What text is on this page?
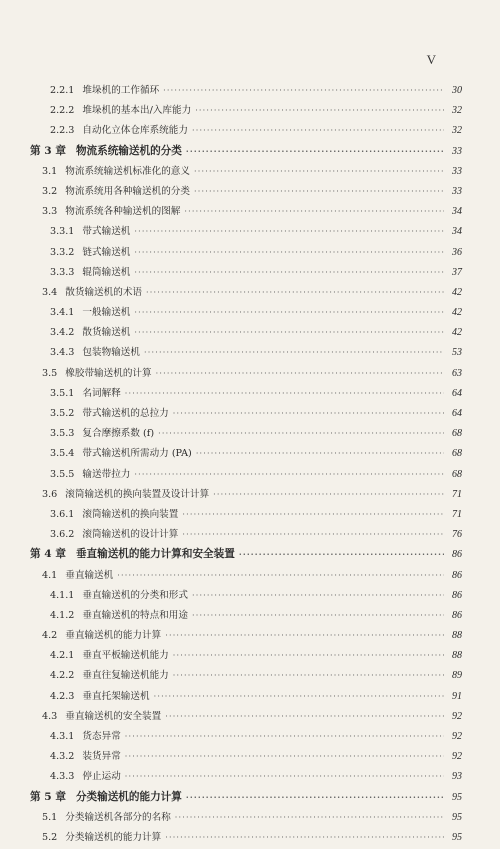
V
2.2.1 堆垛机的工作循环 ·····	30
2.2.2 堆垛机的基本出/入库能力 ·····	32
2.2.3 自动化立体仓库系统能力 ·····	32
第 3 章 物流系统输送机的分类 ·····	33
3.1 物流系统输送机标准化的意义 ·····	33
3.2 物流系统用各种输送机的分类 ·····	33
3.3 物流系统各种输送机的图解 ·····	34
3.3.1 带式输送机 ·····	34
3.3.2 链式输送机 ·····	36
3.3.3 辊筒输送机 ·····	37
3.4 散货输送机的术语 ·····	42
3.4.1 一般输送机 ·····	42
3.4.2 散货输送机 ·····	42
3.4.3 包装物输送机 ·····	53
3.5 橡胶带输送机的计算 ·····	63
3.5.1 名词解释 ·····	64
3.5.2 带式输送机的总拉力 ·····	64
3.5.3 复合摩擦系数 (f) ·····	68
3.5.4 带式输送机所需动力 (PA) ·····	68
3.5.5 输送带拉力 ·····	68
3.6 滚筒输送机的换向装置及设计计算 ·····	71
3.6.1 滚筒输送机的换向装置 ·····	71
3.6.2 滚筒输送机的设计计算 ·····	76
第 4 章 垂直输送机的能力计算和安全装置 ·····	86
4.1 垂直输送机 ·····	86
4.1.1 垂直输送机的分类和形式 ·····	86
4.1.2 垂直输送机的特点和用途 ·····	86
4.2 垂直输送机的能力计算 ·····	88
4.2.1 垂直平板输送机能力 ·····	88
4.2.2 垂直往复输送机能力 ·····	89
4.2.3 垂直托架输送机 ·····	91
4.3 垂直输送机的安全装置 ·····	92
4.3.1 货态异常 ·····	92
4.3.2 装货异常 ·····	92
4.3.3 停止运动 ·····	93
第 5 章 分类输送机的能力计算 ·····	95
5.1 分类输送机各部分的名称 ·····	95
5.2 分类输送机的能力计算 ·····	95
